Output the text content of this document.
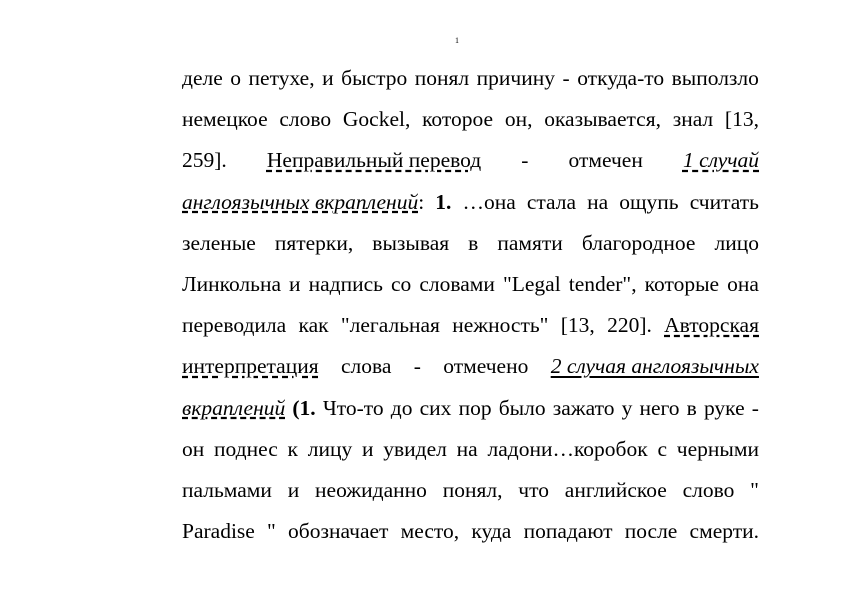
1
деле о петухе, и быстро понял причину - откуда-то выползло
немецкое слово Gockel, которое он, оказывается, знал [13,
259]. Неправильный перевод - отмечен 1 случай
англоязычных вкраплений: 1. …она стала на ощупь считать
зеленые пятерки, вызывая в памяти благородное лицо
Линкольна и надпись со словами "Legal tender", которые она
переводила как "легальная нежность" [13, 220]. Авторская
интерпретация слова - отмечено 2 случая англоязычных
вкраплений (1. Что-то до сих пор было зажато у него в руке -
он поднес к лицу и увидел на ладони…коробок с черными
пальмами и неожиданно понял, что английское слово "
Paradise " обозначает место, куда попадают после смерти.
